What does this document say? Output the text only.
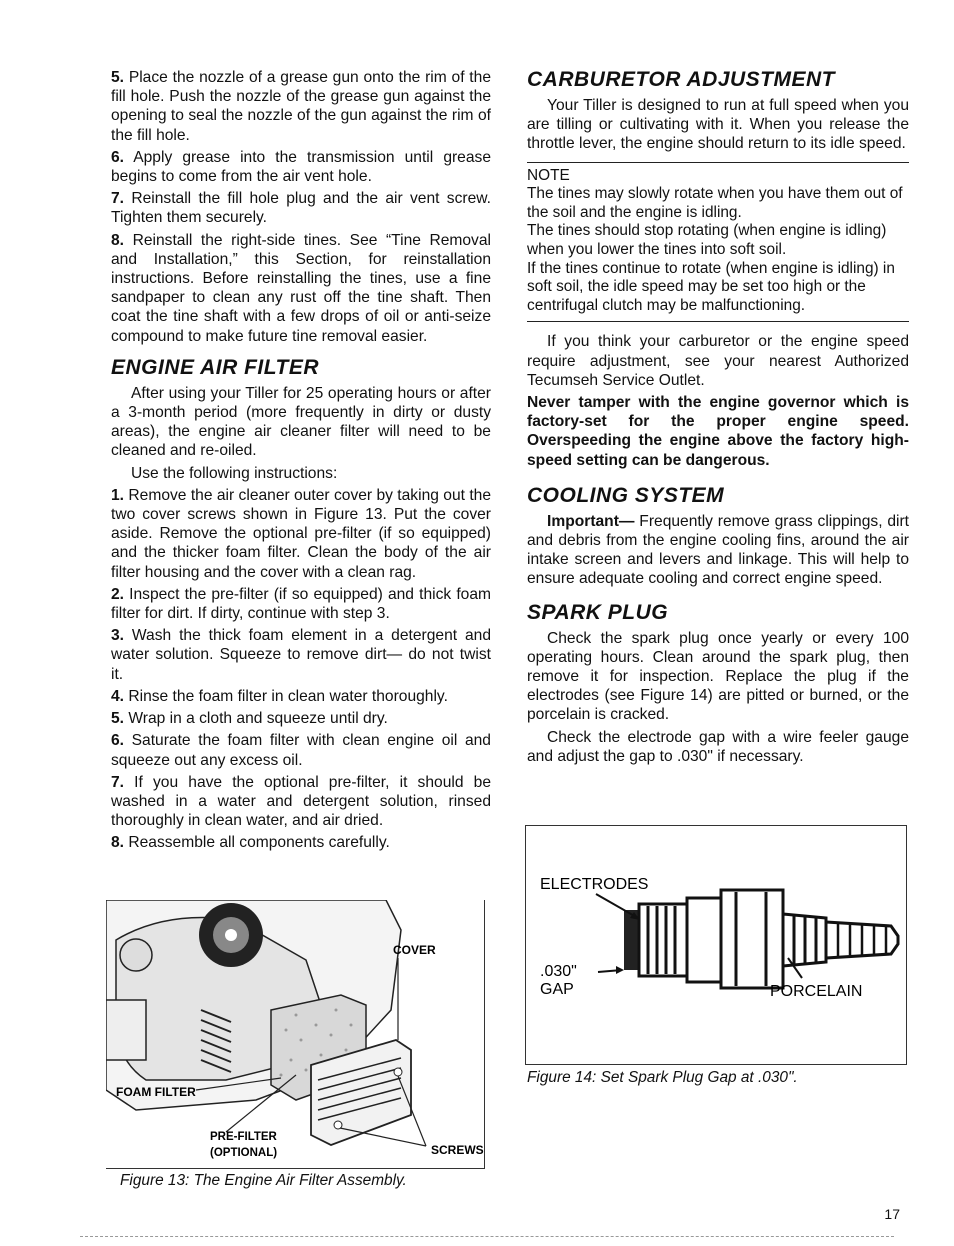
5. Place the nozzle of a grease gun onto the rim of the fill hole. Push the nozzle of the grease gun against the opening to seal the nozzle of the gun against the rim of the fill hole.

6. Apply grease into the transmission until grease begins to come from the air vent hole.

7. Reinstall the fill hole plug and the air vent screw. Tighten them securely.

8. Reinstall the right-side tines. See “Tine Removal and Installation,” this Section, for reinstallation instructions. Before reinstalling the tines, use a fine sandpaper to clean any rust off the tine shaft. Then coat the tine shaft with a few drops of oil or anti-seize compound to make future tine removal easier.

ENGINE AIR FILTER

After using your Tiller for 25 operating hours or after a 3-month period (more frequently in dirty or dusty areas), the engine air cleaner filter will need to be cleaned and re-oiled.

Use the following instructions:

1. Remove the air cleaner outer cover by taking out the two cover screws shown in Figure 13. Put the cover aside. Remove the optional pre-filter (if so equipped) and the thicker foam filter. Clean the body of the air filter housing and the cover with a clean rag.

2. Inspect the pre-filter (if so equipped) and thick foam filter for dirt. If dirty, continue with step 3.

3. Wash the thick foam element in a detergent and water solution. Squeeze to remove dirt— do not twist it.

4. Rinse the foam filter in clean water thoroughly.

5. Wrap in a cloth and squeeze until dry.

6. Saturate the foam filter with clean engine oil and squeeze out any excess oil.

7. If you have the optional pre-filter, it should be washed in a water and detergent solution, rinsed thoroughly in clean water, and air dried.

8. Reassemble all components carefully.

COVER
FOAM FILTER
PRE-FILTER
(OPTIONAL)	SCREWS
Figure 13: The Engine Air Filter Assembly.
CARBURETOR ADJUSTMENT

Your Tiller is designed to run at full speed when you are tilling or cultivating with it. When you release the throttle lever, the engine should return to its idle speed.

NOTE

The tines may slowly rotate when you have them out of the soil and the engine is idling.

The tines should stop rotating (when engine is idling) when you lower the tines into soft soil.

If the tines continue to rotate (when engine is idling) in soft soil, the idle speed may be set too high or the centrifugal clutch may be malfunctioning.

If you think your carburetor or the engine speed require adjustment, see your nearest Authorized Tecumseh Service Outlet.

Never tamper with the engine governor which is factory-set for the proper engine speed. Overspeeding the engine above the factory high-speed setting can be dangerous.

COOLING SYSTEM

Important— Frequently remove grass clippings, dirt and debris from the engine cooling fins, around the air intake screen and levers and linkage. This will help to ensure adequate cooling and correct engine speed.

SPARK PLUG

Check the spark plug once yearly or every 100 operating hours. Clean around the spark plug, then remove it for inspection. Replace the plug if the electrodes (see Figure 14) are pitted or burned, or the porcelain is cracked.

Check the electrode gap with a wire feeler gauge and adjust the gap to .030" if necessary.

ELECTRODES
.030"
GAP	PORCELAIN
Figure 14: Set Spark Plug Gap at .030".
17
